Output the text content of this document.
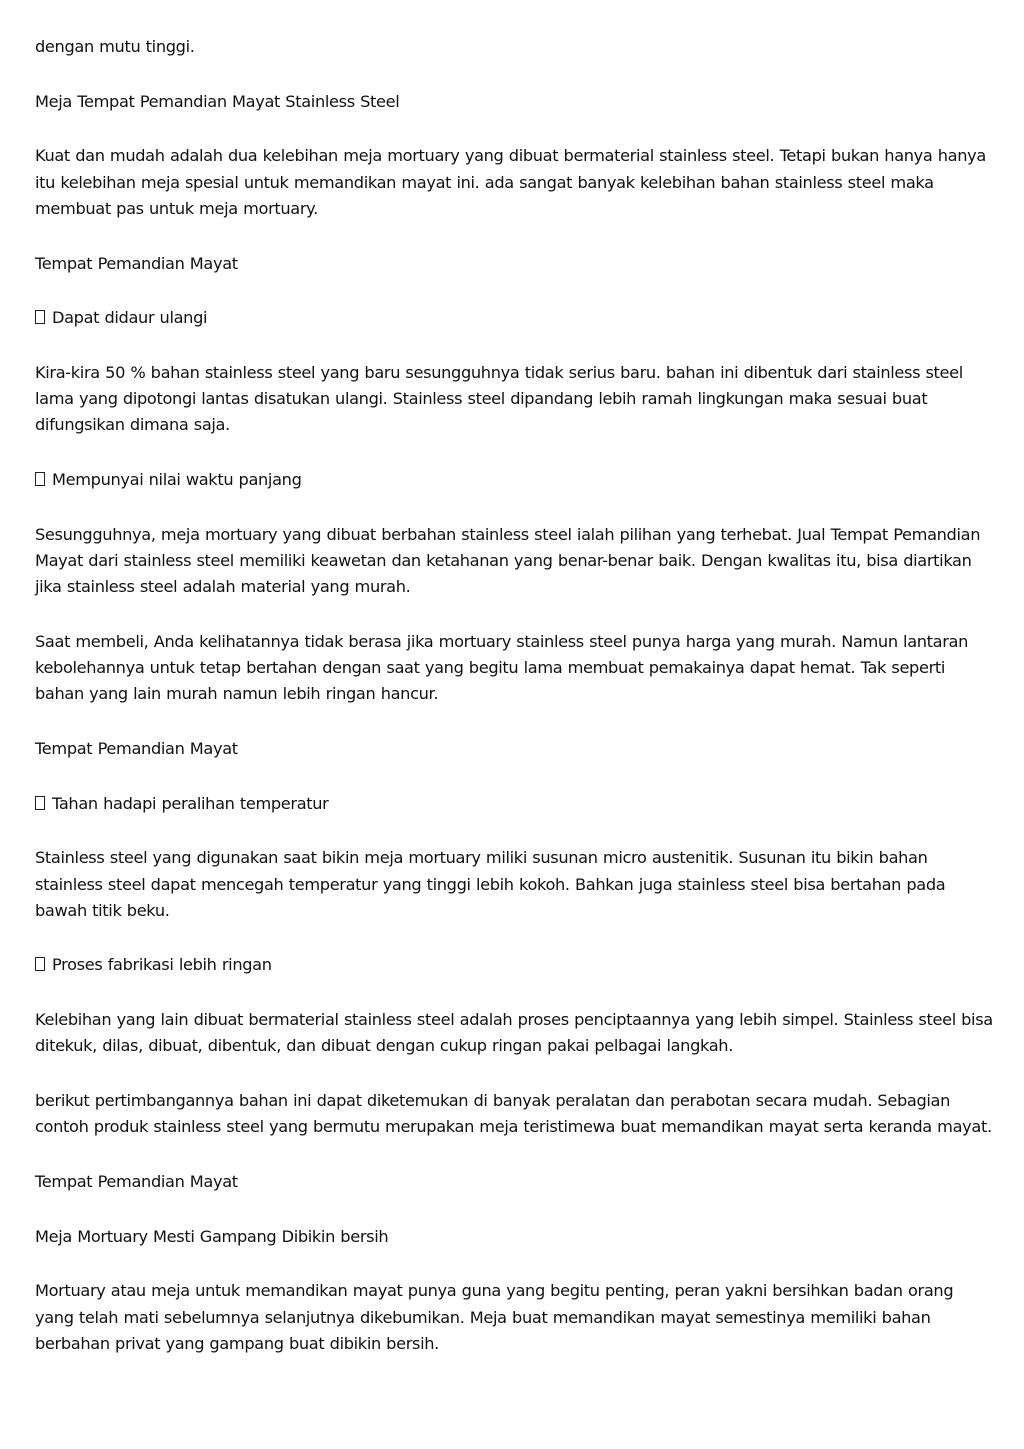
dengan mutu tinggi.
Meja Tempat Pemandian Mayat Stainless Steel
Kuat dan mudah adalah dua kelebihan meja mortuary yang dibuat bermaterial stainless steel. Tetapi bukan hanya hanya itu kelebihan meja spesial untuk memandikan mayat ini. ada sangat banyak kelebihan bahan stainless steel maka membuat pas untuk meja mortuary.
Tempat Pemandian Mayat
Dapat didaur ulangi
Kira-kira 50 % bahan stainless steel yang baru sesungguhnya tidak serius baru. bahan ini dibentuk dari stainless steel lama yang dipotongi lantas disatukan ulangi. Stainless steel dipandang lebih ramah lingkungan maka sesuai buat difungsikan dimana saja.
Mempunyai nilai waktu panjang
Sesungguhnya, meja mortuary yang dibuat berbahan stainless steel ialah pilihan yang terhebat. Jual Tempat Pemandian Mayat dari stainless steel memiliki keawetan dan ketahanan yang benar-benar baik. Dengan kwalitas itu, bisa diartikan jika stainless steel adalah material yang murah.
Saat membeli, Anda kelihatannya tidak berasa jika mortuary stainless steel punya harga yang murah. Namun lantaran kebolehannya untuk tetap bertahan dengan saat yang begitu lama membuat pemakainya dapat hemat. Tak seperti bahan yang lain murah namun lebih ringan hancur.
Tempat Pemandian Mayat
Tahan hadapi peralihan temperatur
Stainless steel yang digunakan saat bikin meja mortuary miliki susunan micro austenitik. Susunan itu bikin bahan stainless steel dapat mencegah temperatur yang tinggi lebih kokoh. Bahkan juga stainless steel bisa bertahan pada bawah titik beku.
Proses fabrikasi lebih ringan
Kelebihan yang lain dibuat bermaterial stainless steel adalah proses penciptaannya yang lebih simpel. Stainless steel bisa ditekuk, dilas, dibuat, dibentuk, dan dibuat dengan cukup ringan pakai pelbagai langkah.
berikut pertimbangannya bahan ini dapat diketemukan di banyak peralatan dan perabotan secara mudah. Sebagian contoh produk stainless steel yang bermutu merupakan meja teristimewa buat memandikan mayat serta keranda mayat.
Tempat Pemandian Mayat
Meja Mortuary Mesti Gampang Dibikin bersih
Mortuary atau meja untuk memandikan mayat punya guna yang begitu penting, peran yakni bersihkan badan orang yang telah mati sebelumnya selanjutnya dikebumikan. Meja buat memandikan mayat semestinya memiliki bahan berbahan privat yang gampang buat dibikin bersih.
